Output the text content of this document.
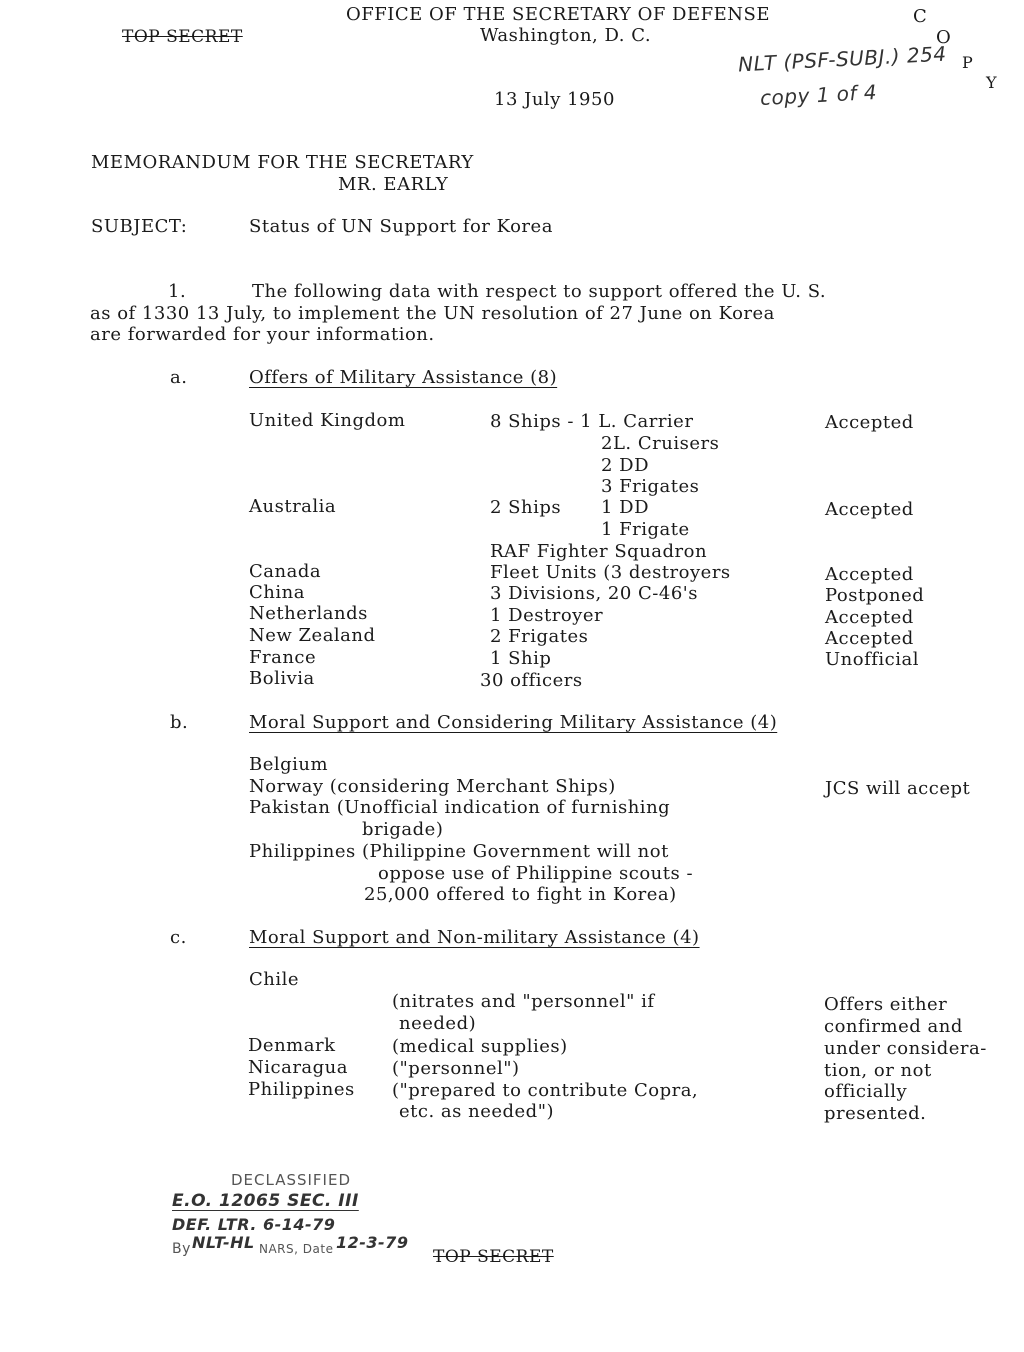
TOP SECRET
OFFICE OF THE SECRETARY OF DEFENSE
Washington, D. C.
C
O
P
Y
NLT (PSF-SUBJ.) 254
copy 1 of 4
13 July 1950
MEMORANDUM FOR THE SECRETARY
MR. EARLY
SUBJECT:	Status of UN Support for Korea
1.	The following data with respect to support offered the U. S.
as of 1330 13 July, to implement the UN resolution of 27 June on Korea
are forwarded for your information.
a.	Offers of Military Assistance (8)
United Kingdom	8 Ships - 1 L. Carrier	Accepted
2L. Cruisers
2 DD
3 Frigates
Australia	2 Ships 1 DD	Accepted
1 Frigate
RAF Fighter Squadron
Canada	Fleet Units (3 destroyers	Accepted
China	3 Divisions, 20 C-46's	Postponed
Netherlands	1 Destroyer	Accepted
New Zealand	2 Frigates	Accepted
France	1 Ship	Unofficial
Bolivia	30 officers
b.	Moral Support and Considering Military Assistance (4)
Belgium
Norway (considering Merchant Ships)	JCS will accept
Pakistan (Unofficial indication of furnishing
brigade)
Philippines (Philippine Government will not
oppose use of Philippine scouts -
25,000 offered to fight in Korea)
c.	Moral Support and Non-military Assistance (4)
Chile
(nitrates and "personnel" if
needed)
Denmark	(medical supplies)
Nicaragua ("personnel")
Philippines ("prepared to contribute Copra,
etc. as needed")
Offers either
confirmed and
under considera-
tion, or not
officially
presented.
DECLASSIFIED
E.O. 12065 SEC. III
DEF. LTR. 6-14-79
By NLT-HL NARS, Date 12-3-79
TOP SECRET
